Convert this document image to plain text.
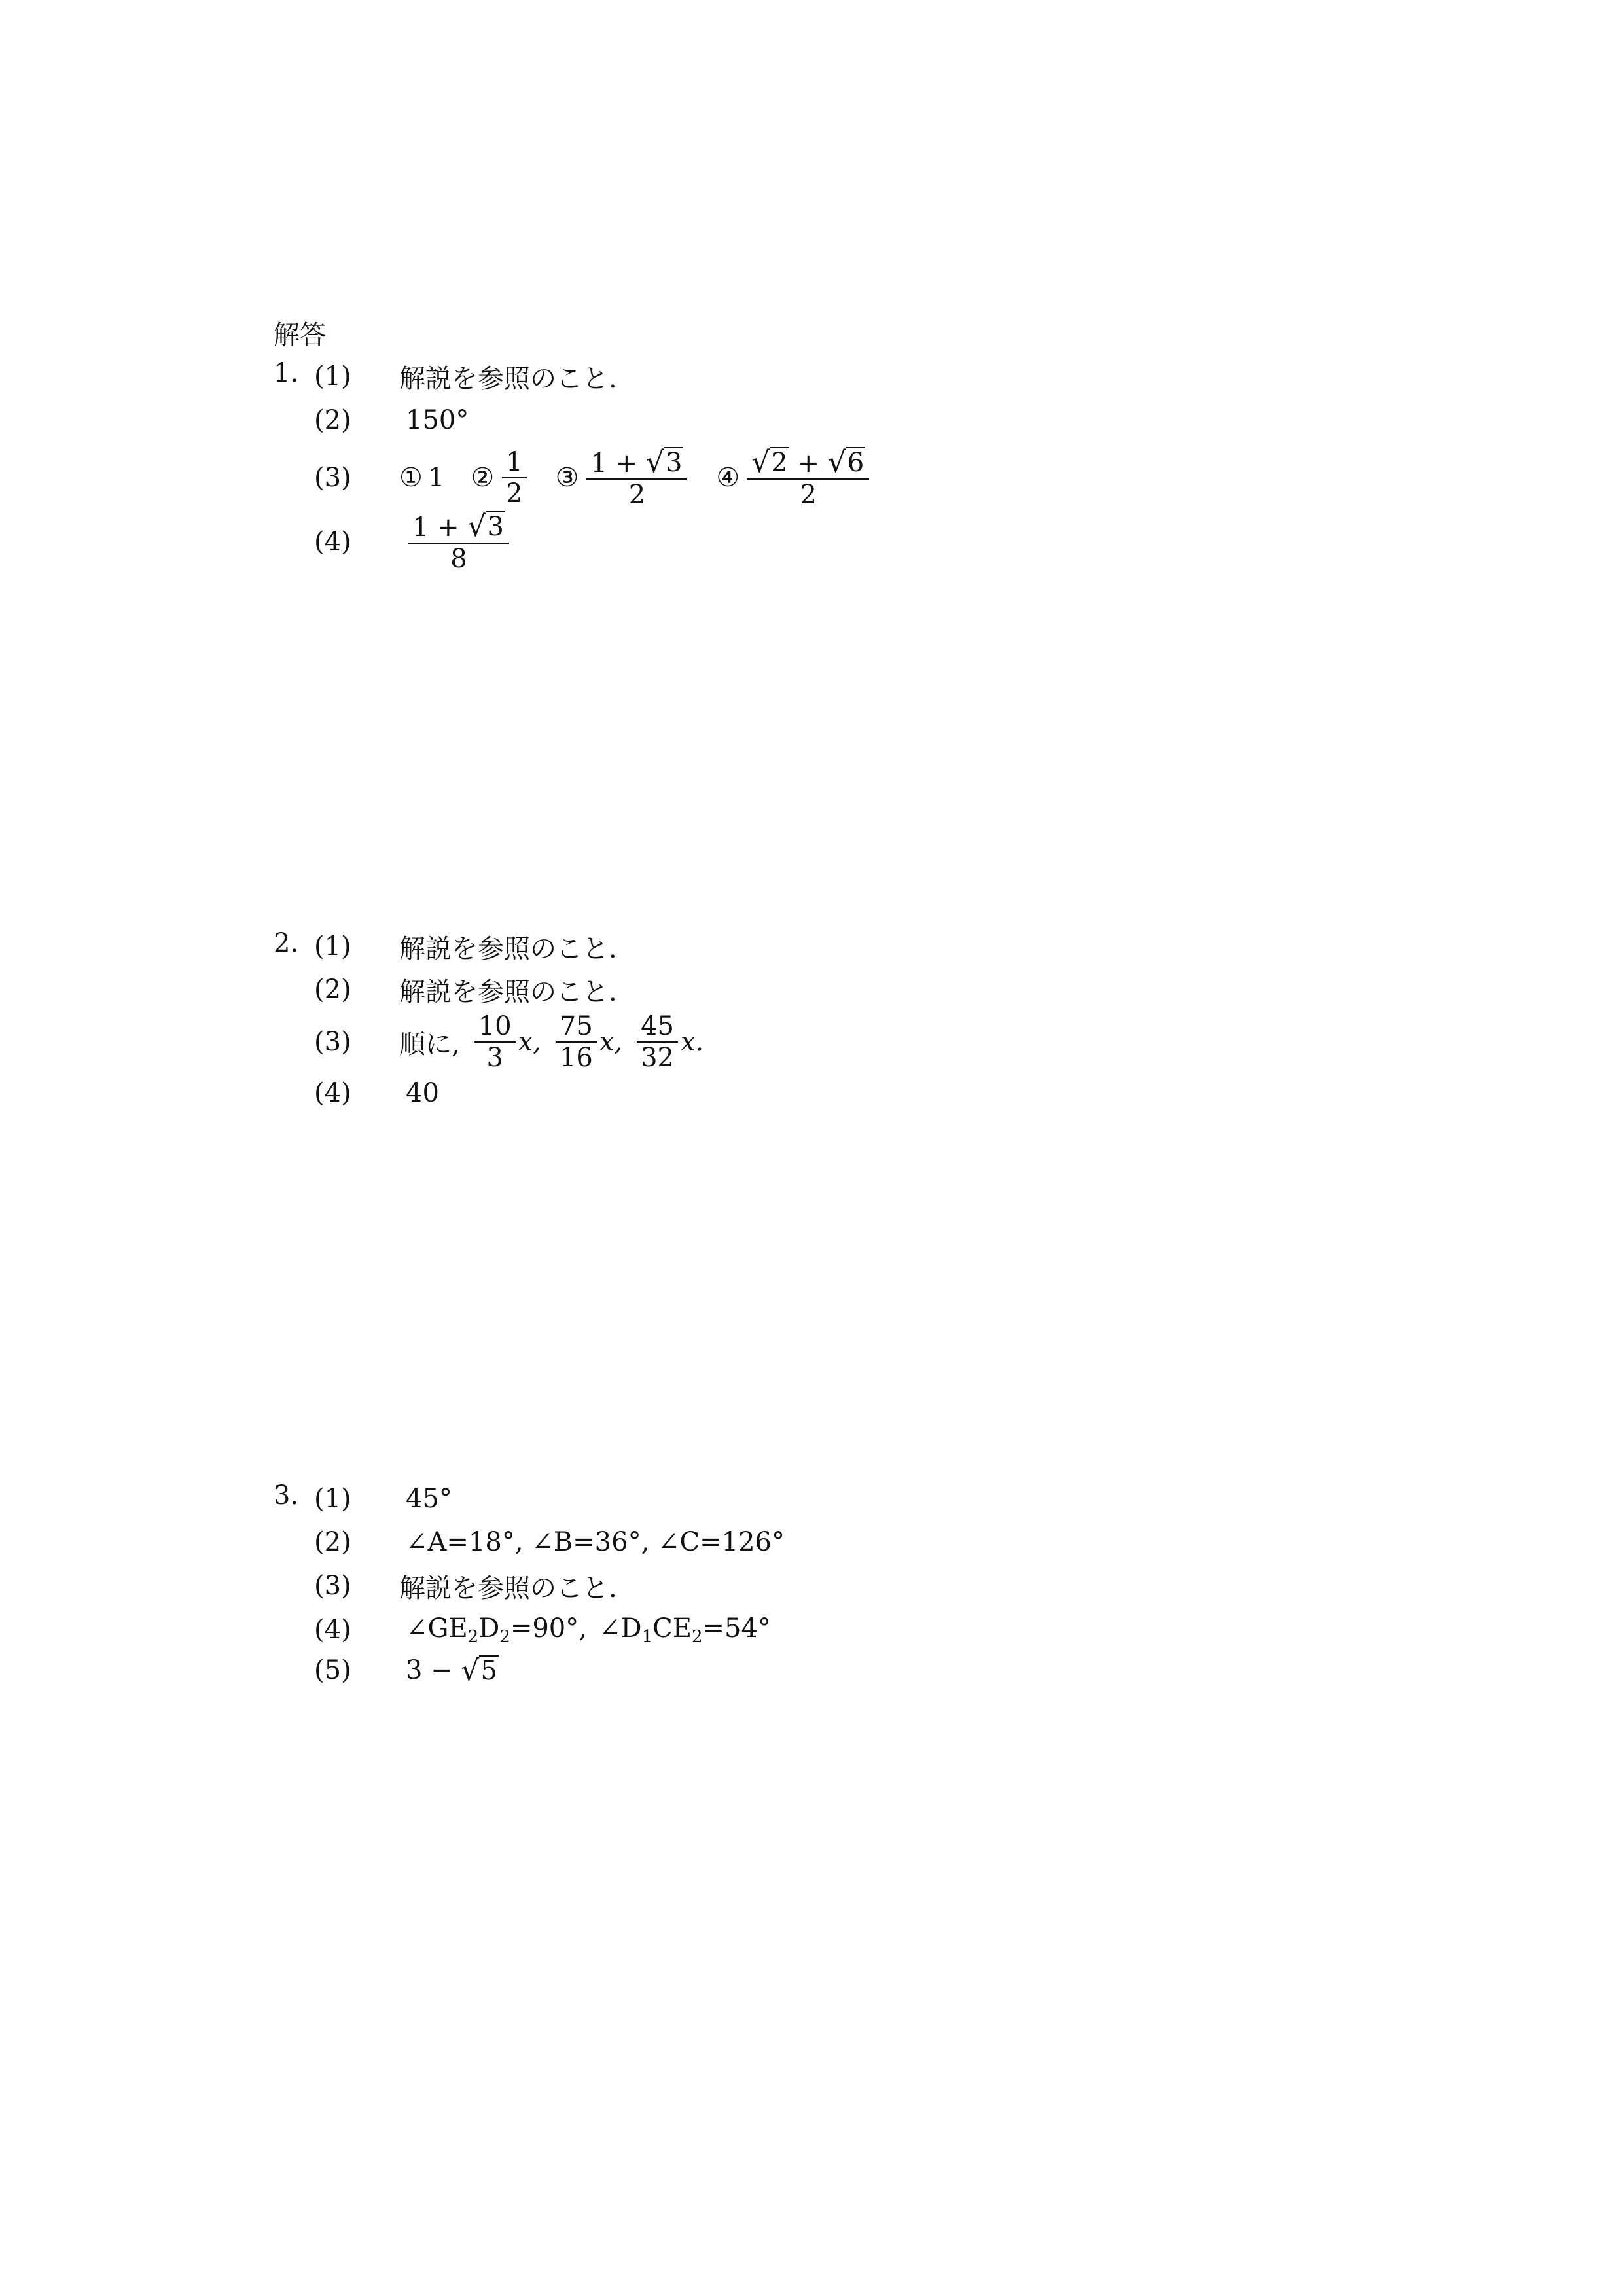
解答
1. (1)	解説を参照のこと.
(2)	150°
(3)	① 1 ② $\frac{1}{2}$ ③ $\frac{1 + √ 3}{2}$ ④ $\frac{√ 2 + √ 6}{2}$
(4)	$\frac{1 + √ 3}{8}$
2. (1)	解説を参照のこと.
(2)	解説を参照のこと.
(3)	順に, $\frac{10}{3} x$, $\frac{75}{16} x$, $\frac{45}{32} x$.
(4)	40
3. (1)	45°
(2)	∠A=18°, ∠B=36°, ∠C=126°
(3)	解説を参照のこと.
(4)	$\angle GE_2D_2=90^\circ$, $\angle D_1CE_2=54^\circ$
(5)	3 − √ 5
